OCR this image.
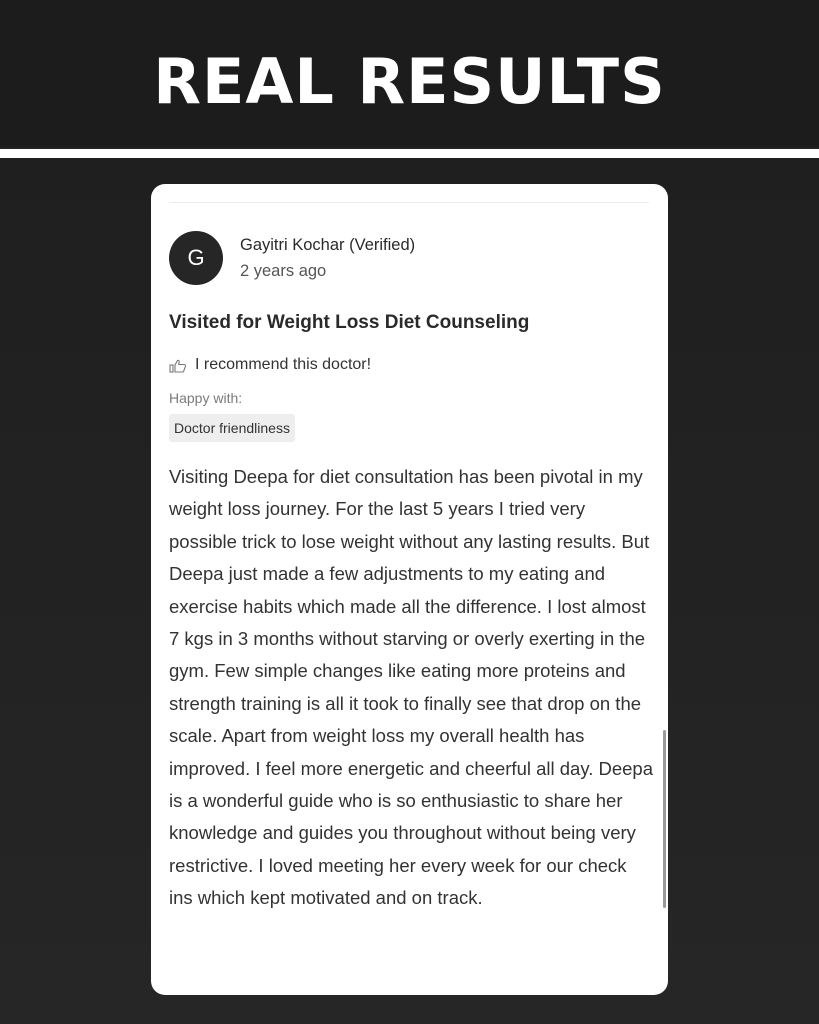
REAL RESULTS
G	Gayitri Kochar (Verified)
2 years ago
Visited for Weight Loss Diet Counseling
I recommend this doctor!
Happy with:
Doctor friendliness

Visiting Deepa for diet consultation has been pivotal in my weight loss journey. For the last 5 years I tried very possible trick to lose weight without any lasting results. But Deepa just made a few adjustments to my eating and exercise habits which made all the difference. I lost almost 7 kgs in 3 months without starving or overly exerting in the gym. Few simple changes like eating more proteins and strength training is all it took to finally see that drop on the scale. Apart from weight loss my overall health has improved. I feel more energetic and cheerful all day. Deepa is a wonderful guide who is so enthusiastic to share her knowledge and guides you throughout without being very restrictive. I loved meeting her every week for our check ins which kept motivated and on track.
